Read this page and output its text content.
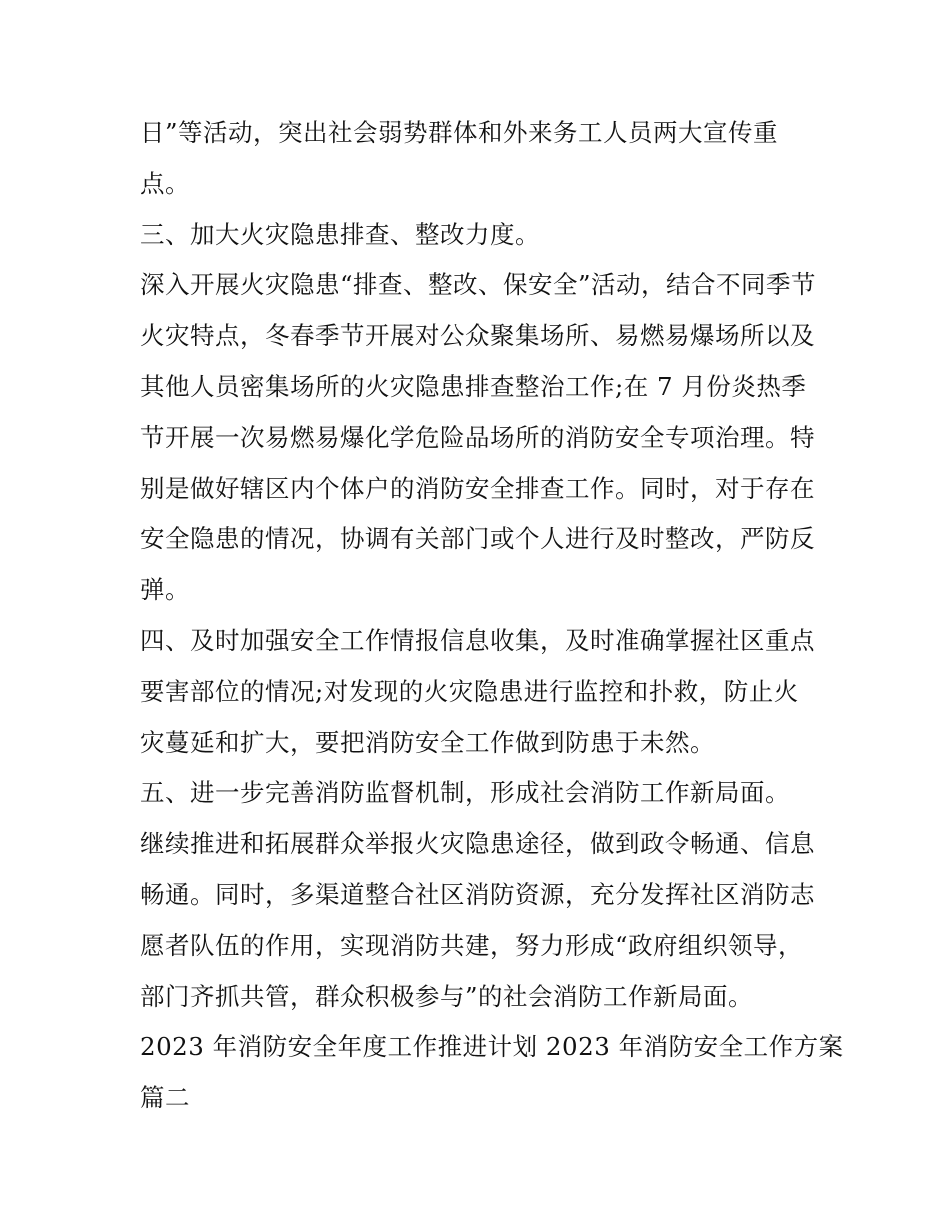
日”等活动，突出社会弱势群体和外来务工人员两大宣传重
点。
三、加大火灾隐患排查、整改力度。
深入开展火灾隐患“排查、整改、保安全”活动，结合不同季节
火灾特点，冬春季节开展对公众聚集场所、易燃易爆场所以及
其他人员密集场所的火灾隐患排查整治工作;在 7 月份炎热季
节开展一次易燃易爆化学危险品场所的消防安全专项治理。特
别是做好辖区内个体户的消防安全排查工作。同时，对于存在
安全隐患的情况，协调有关部门或个人进行及时整改，严防反
弹。
四、及时加强安全工作情报信息收集，及时准确掌握社区重点
要害部位的情况;对发现的火灾隐患进行监控和扑救，防止火
灾蔓延和扩大，要把消防安全工作做到防患于未然。
五、进一步完善消防监督机制，形成社会消防工作新局面。
继续推进和拓展群众举报火灾隐患途径，做到政令畅通、信息
畅通。同时，多渠道整合社区消防资源，充分发挥社区消防志
愿者队伍的作用，实现消防共建，努力形成“政府组织领导，
部门齐抓共管，群众积极参与”的社会消防工作新局面。
2023 年消防安全年度工作推进计划 2023 年消防安全工作方案
篇二
